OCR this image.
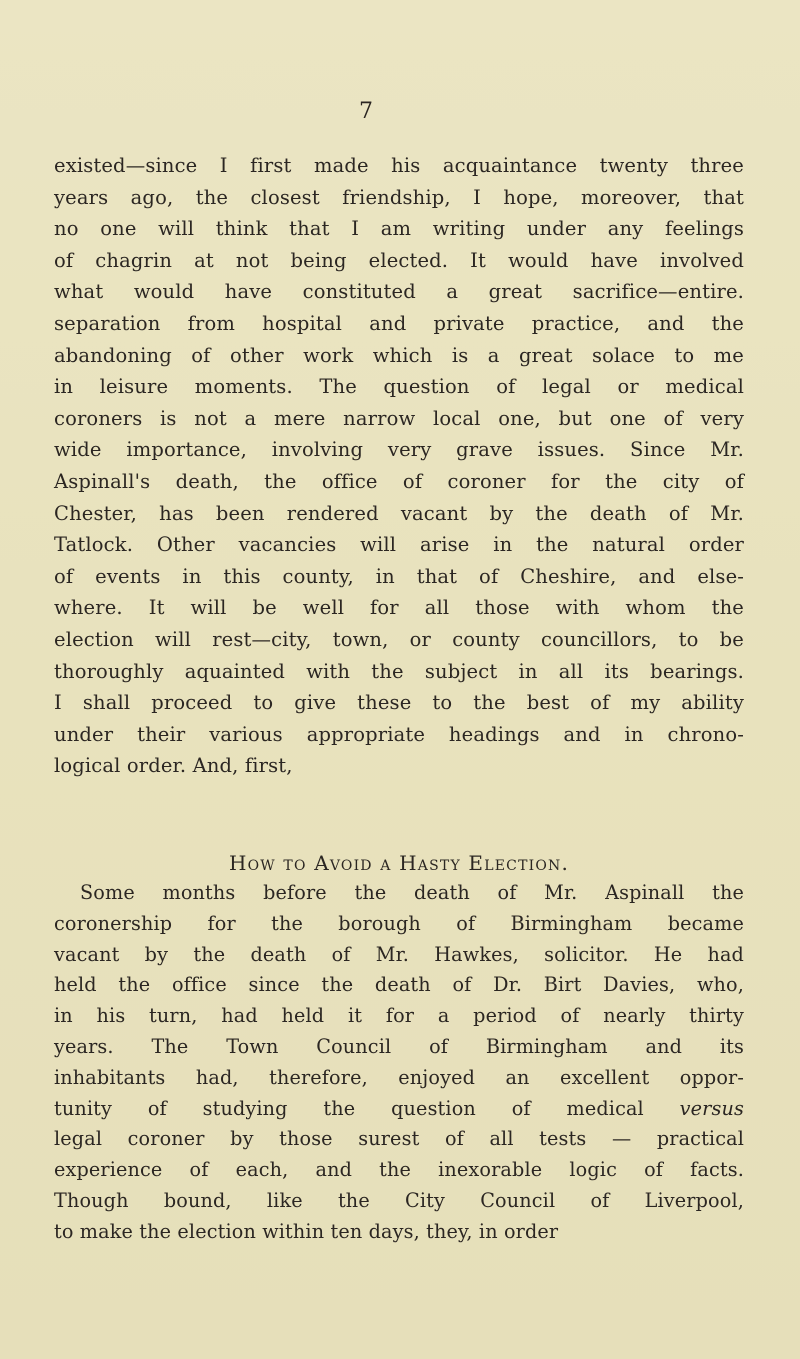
7
existed—since I first made his acquaintance twenty three
years ago, the closest friendship, I hope, moreover, that
no one will think that I am writing under any feelings
of chagrin at not being elected. It would have involved
what would have constituted a great sacrifice—entire.
separation from hospital and private practice, and the
abandoning of other work which is a great solace to me
in leisure moments. The question of legal or medical
coroners is not a mere narrow local one, but one of very
wide importance, involving very grave issues. Since Mr.
Aspinall's death, the office of coroner for the city of
Chester, has been rendered vacant by the death of Mr.
Tatlock. Other vacancies will arise in the natural order
of events in this county, in that of Cheshire, and else-
where. It will be well for all those with whom the
election will rest—city, town, or county councillors, to be
thoroughly aquainted with the subject in all its bearings.
I shall proceed to give these to the best of my ability
under their various appropriate headings and in chrono-
logical order. And, first,
How to Avoid a Hasty Election.
Some months before the death of Mr. Aspinall the
coronership for the borough of Birmingham became
vacant by the death of Mr. Hawkes, solicitor. He had
held the office since the death of Dr. Birt Davies, who,
in his turn, had held it for a period of nearly thirty
years. The Town Council of Birmingham and its
inhabitants had, therefore, enjoyed an excellent oppor-
tunity of studying the question of medical versus
legal coroner by those surest of all tests — practical
experience of each, and the inexorable logic of facts.
Though bound, like the City Council of Liverpool,
to make the election within ten days, they, in order
